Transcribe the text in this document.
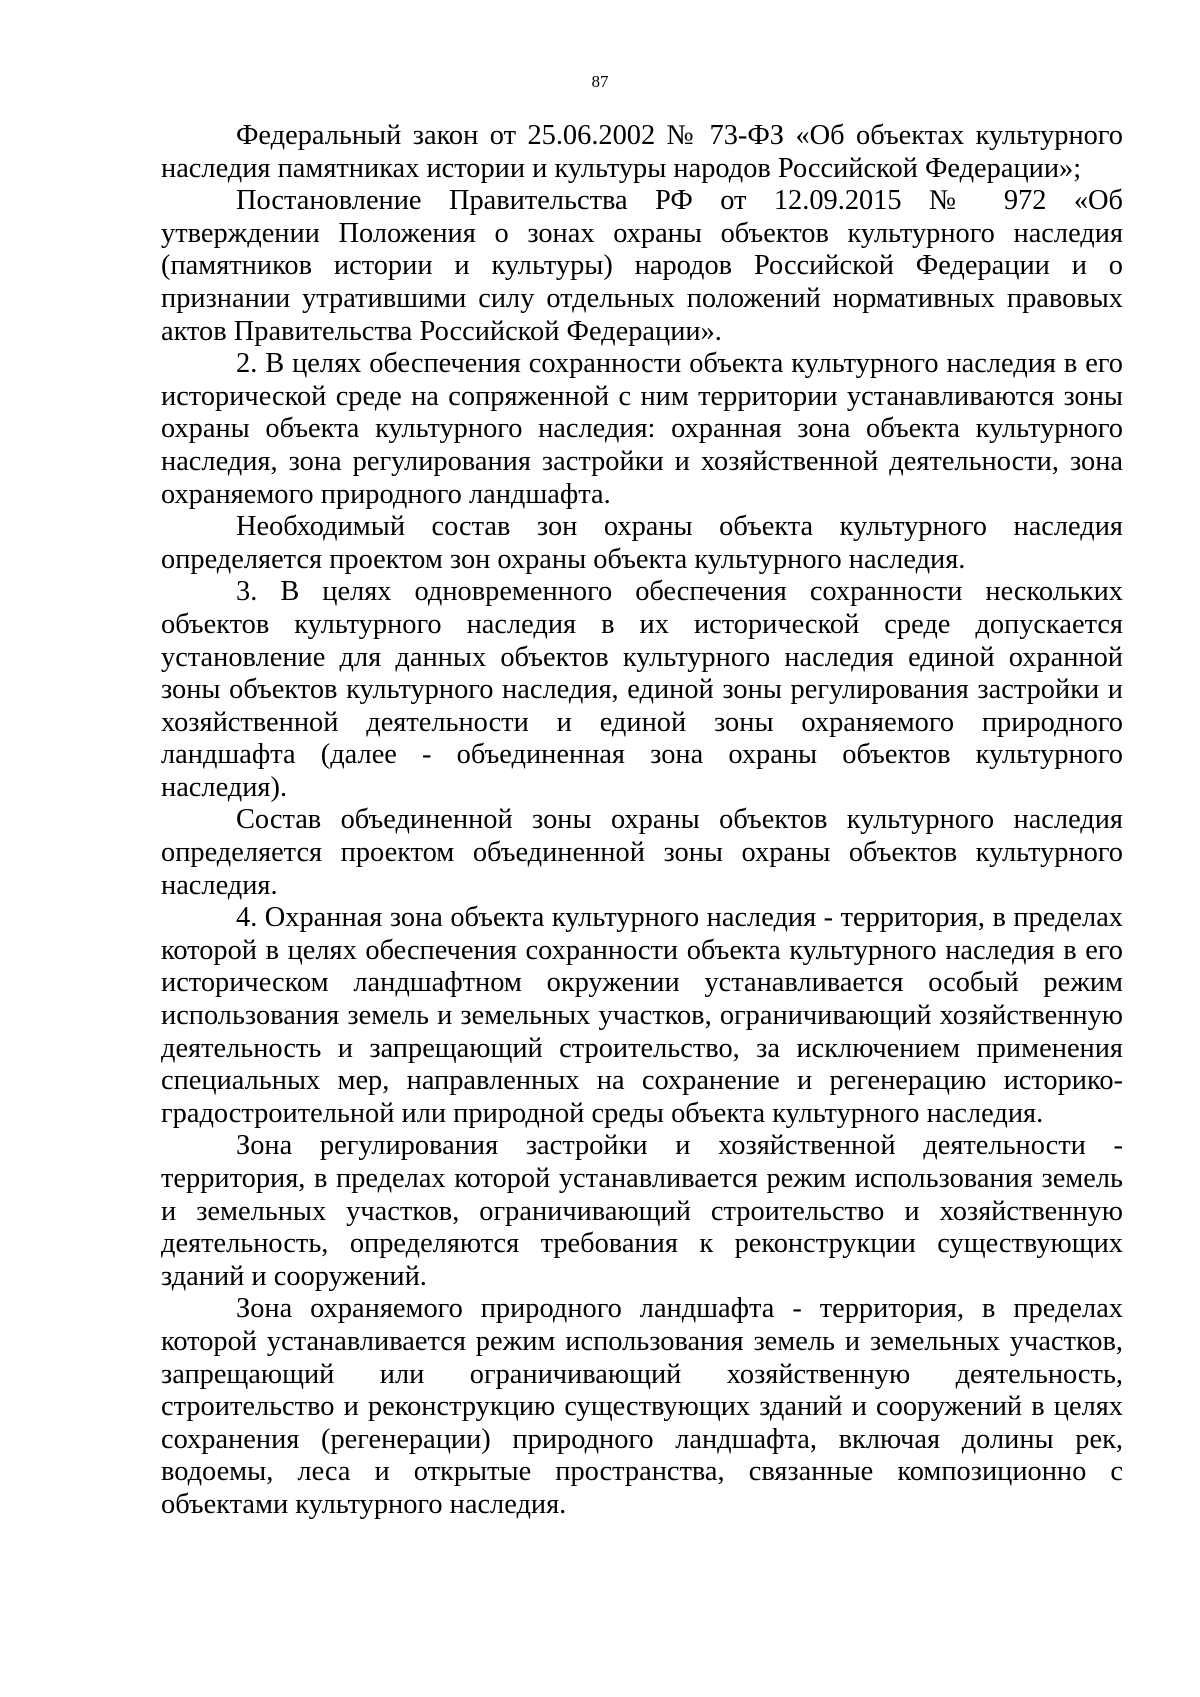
87

Федеральный закон от 25.06.2002 № 73-ФЗ «Об объектах культурного наследия памятниках истории и культуры народов Российской Федерации»;

Постановление Правительства РФ от 12.09.2015 № 972 «Об утверждении Положения о зонах охраны объектов культурного наследия (памятников истории и культуры) народов Российской Федерации и о признании утратившими силу отдельных положений нормативных правовых актов Правительства Российской Федерации».

2. В целях обеспечения сохранности объекта культурного наследия в его исторической среде на сопряженной с ним территории устанавливаются зоны охраны объекта культурного наследия: охранная зона объекта культурного наследия, зона регулирования застройки и хозяйственной деятельности, зона охраняемого природного ландшафта.

Необходимый состав зон охраны объекта культурного наследия определяется проектом зон охраны объекта культурного наследия.

3. В целях одновременного обеспечения сохранности нескольких объектов культурного наследия в их исторической среде допускается установление для данных объектов культурного наследия единой охранной зоны объектов культурного наследия, единой зоны регулирования застройки и хозяйственной деятельности и единой зоны охраняемого природного ландшафта (далее - объединенная зона охраны объектов культурного наследия).

Состав объединенной зоны охраны объектов культурного наследия определяется проектом объединенной зоны охраны объектов культурного наследия.

4. Охранная зона объекта культурного наследия - территория, в пределах которой в целях обеспечения сохранности объекта культурного наследия в его историческом ландшафтном окружении устанавливается особый режим использования земель и земельных участков, ограничивающий хозяйственную деятельность и запрещающий строительство, за исключением применения специальных мер, направленных на сохранение и регенерацию историко-градостроительной или природной среды объекта культурного наследия.

Зона регулирования застройки и хозяйственной деятельности - территория, в пределах которой устанавливается режим использования земель и земельных участков, ограничивающий строительство и хозяйственную деятельность, определяются требования к реконструкции существующих зданий и сооружений.

Зона охраняемого природного ландшафта - территория, в пределах которой устанавливается режим использования земель и земельных участков, запрещающий или ограничивающий хозяйственную деятельность, строительство и реконструкцию существующих зданий и сооружений в целях сохранения (регенерации) природного ландшафта, включая долины рек, водоемы, леса и открытые пространства, связанные композиционно с объектами культурного наследия.
